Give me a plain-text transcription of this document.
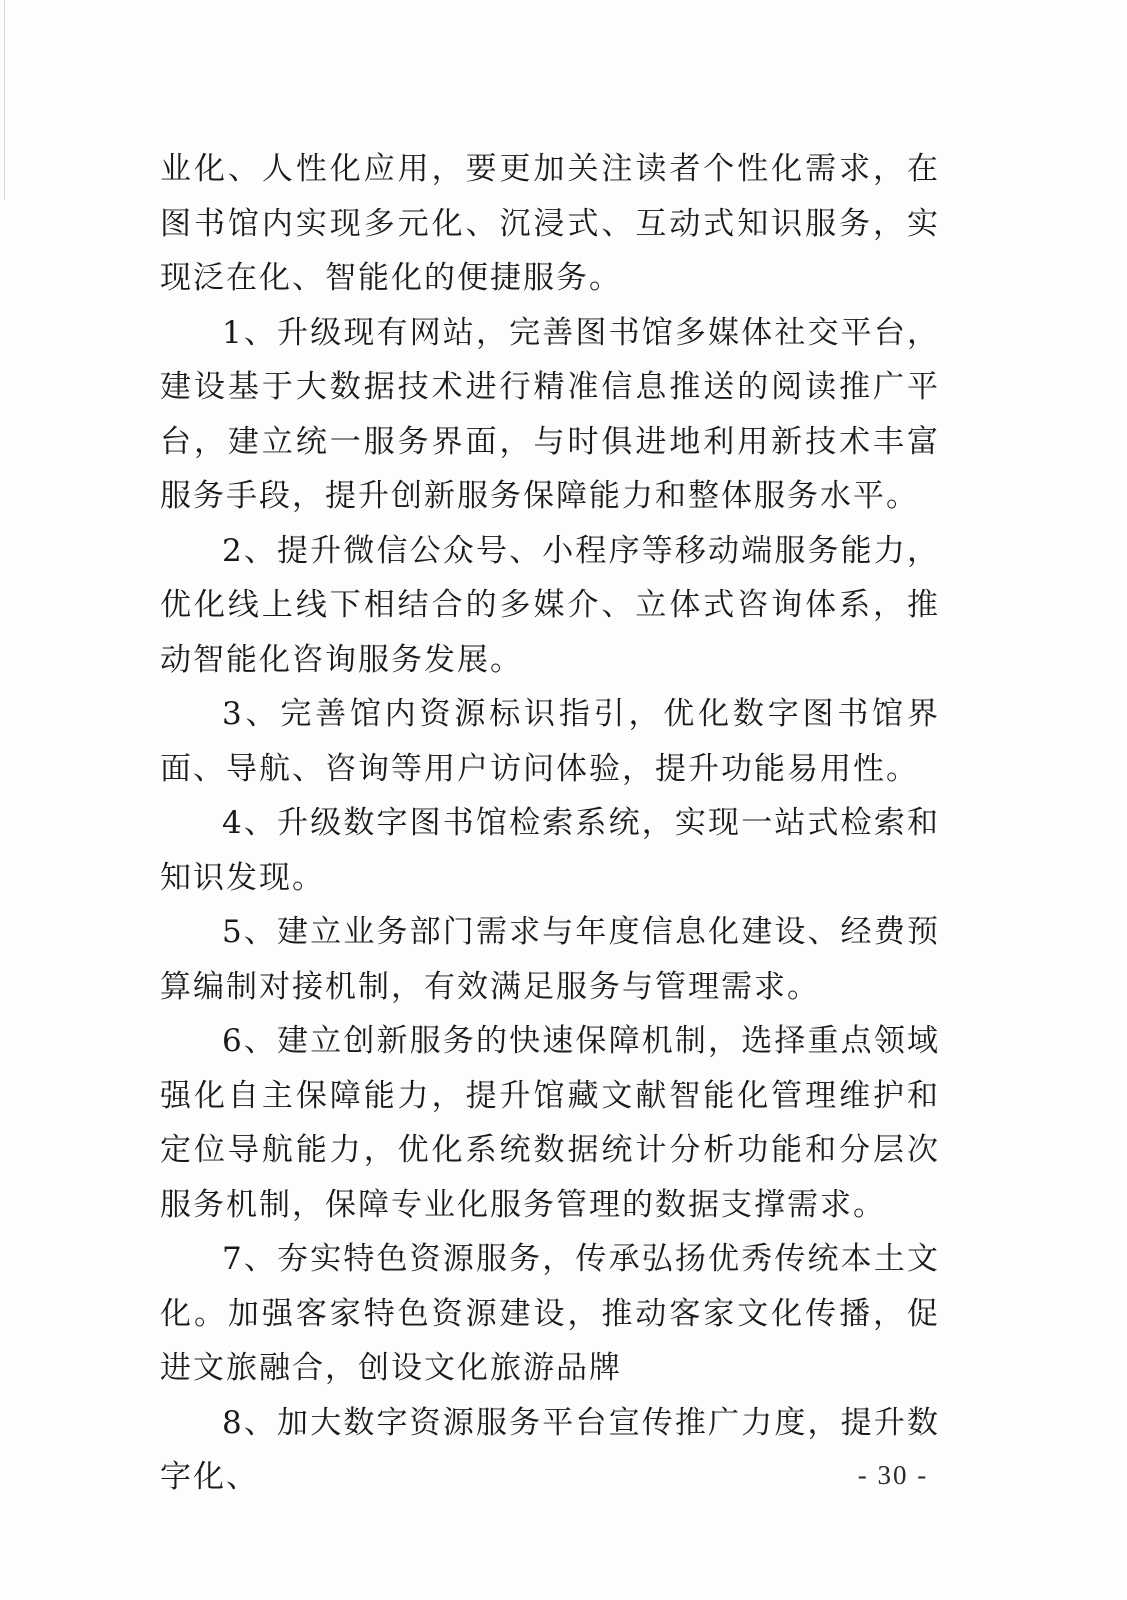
业化、人性化应用，要更加关注读者个性化需求，在图书馆内实现多元化、沉浸式、互动式知识服务，实现泛在化、智能化的便捷服务。

1、升级现有网站，完善图书馆多媒体社交平台，建设基于大数据技术进行精准信息推送的阅读推广平台，建立统一服务界面，与时俱进地利用新技术丰富服务手段，提升创新服务保障能力和整体服务水平。

2、提升微信公众号、小程序等移动端服务能力，优化线上线下相结合的多媒介、立体式咨询体系，推动智能化咨询服务发展。

3、完善馆内资源标识指引，优化数字图书馆界面、导航、咨询等用户访问体验，提升功能易用性。

4、升级数字图书馆检索系统，实现一站式检索和知识发现。

5、建立业务部门需求与年度信息化建设、经费预算编制对接机制，有效满足服务与管理需求。

6、建立创新服务的快速保障机制，选择重点领域强化自主保障能力，提升馆藏文献智能化管理维护和定位导航能力，优化系统数据统计分析功能和分层次服务机制，保障专业化服务管理的数据支撑需求。

7、夯实特色资源服务，传承弘扬优秀传统本土文化。加强客家特色资源建设，推动客家文化传播，促进文旅融合，创设文化旅游品牌

8、加大数字资源服务平台宣传推广力度，提升数字化、	- 30 -
